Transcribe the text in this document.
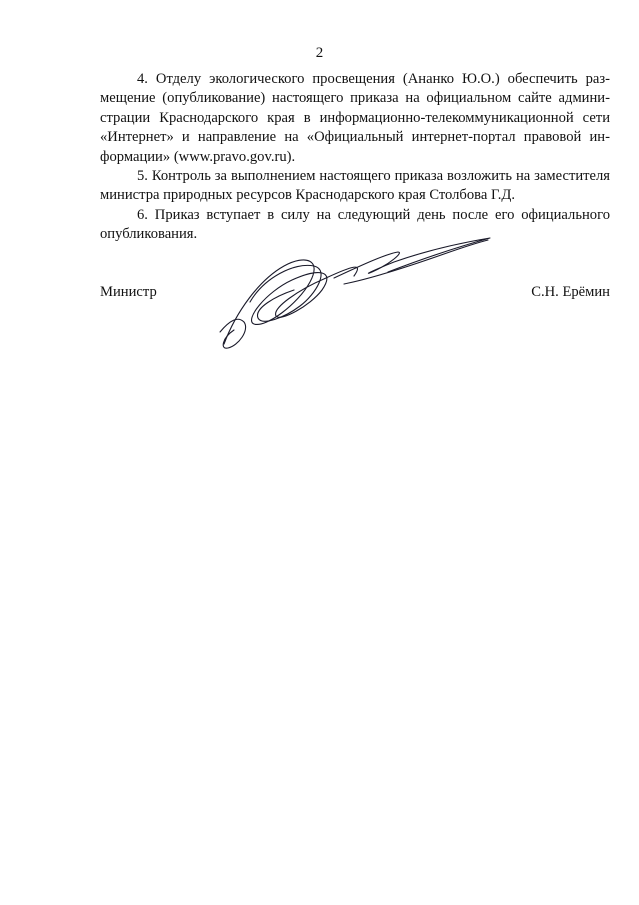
2

4. Отделу экологического просвещения (Ананко Ю.О.) обеспечить размещение (опубликование) настоящего приказа на официальном сайте администрации Краснодарского края в информационно-телекоммуникационной сети «Интернет» и направление на «Официальный интернет-портал правовой информации» (www.pravo.gov.ru).

5. Контроль за выполнением настоящего приказа возложить на заместителя министра природных ресурсов Краснодарского края Столбова Г.Д.

6. Приказ вступает в силу на следующий день после его официального опубликования.

Министр	С.Н. Ерёмин
